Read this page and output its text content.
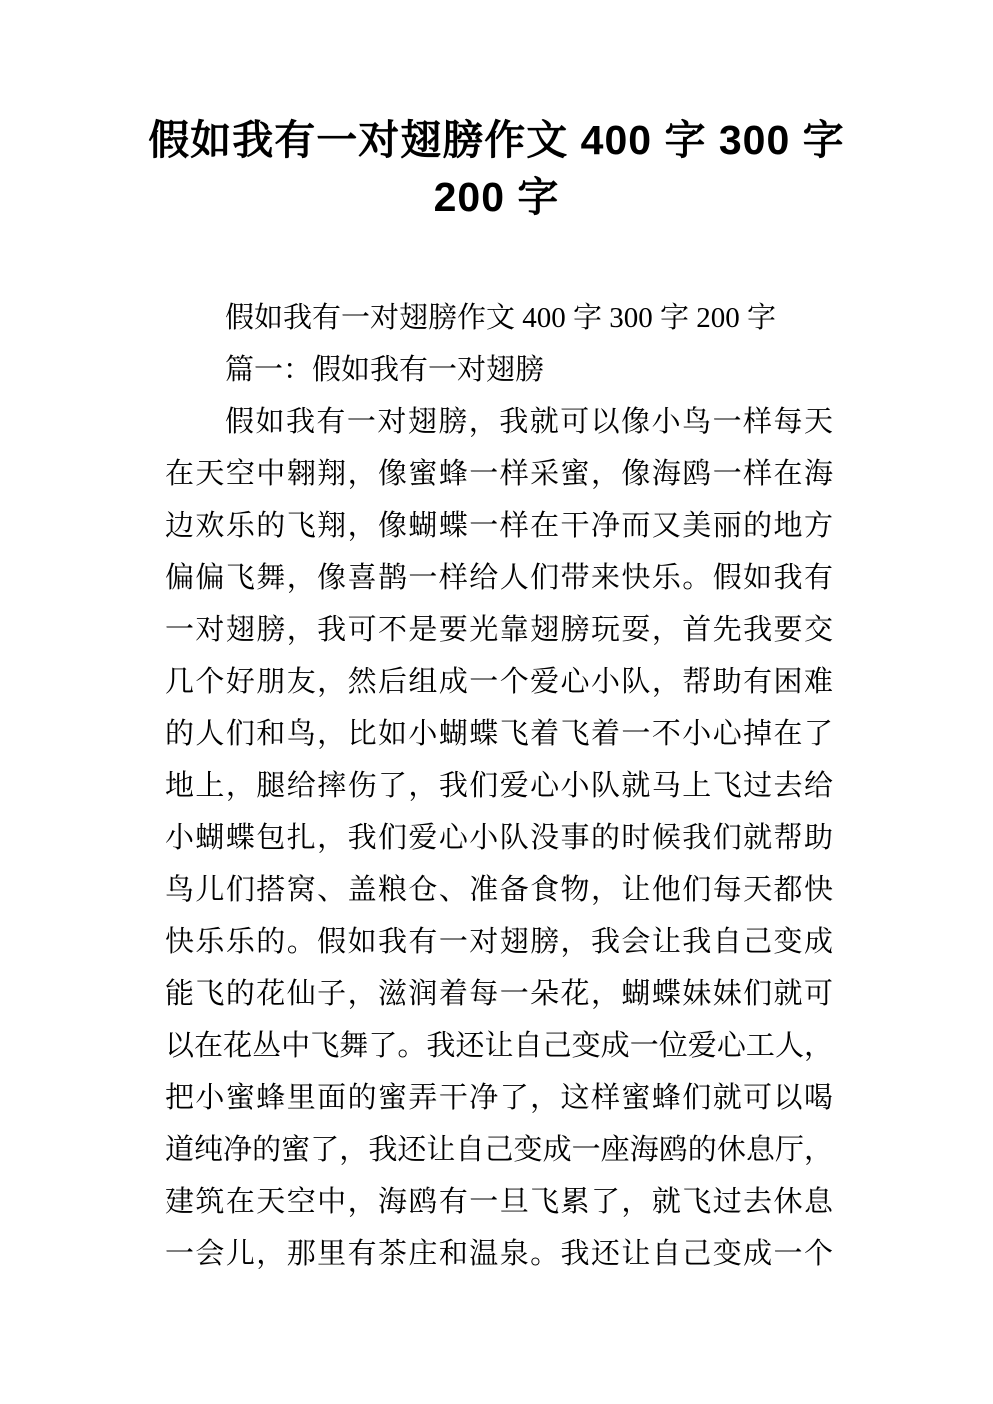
假如我有一对翅膀作文 400 字 300 字
200 字
假如我有一对翅膀作文 400 字 300 字 200 字
篇一：假如我有一对翅膀
假如我有一对翅膀，我就可以像小鸟一样每天
在天空中翱翔，像蜜蜂一样采蜜，像海鸥一样在海
边欢乐的飞翔，像蝴蝶一样在干净而又美丽的地方
偏偏飞舞，像喜鹊一样给人们带来快乐。假如我有
一对翅膀，我可不是要光靠翅膀玩耍，首先我要交
几个好朋友，然后组成一个爱心小队，帮助有困难
的人们和鸟，比如小蝴蝶飞着飞着一不小心掉在了
地上，腿给摔伤了，我们爱心小队就马上飞过去给
小蝴蝶包扎，我们爱心小队没事的时候我们就帮助
鸟儿们搭窝、盖粮仓、准备食物，让他们每天都快
快乐乐的。假如我有一对翅膀，我会让我自己变成
能飞的花仙子，滋润着每一朵花，蝴蝶妹妹们就可
以在花丛中飞舞了。我还让自己变成一位爱心工人，
把小蜜蜂里面的蜜弄干净了，这样蜜蜂们就可以喝
道纯净的蜜了，我还让自己变成一座海鸥的休息厅，
建筑在天空中，海鸥有一旦飞累了，就飞过去休息
一会儿，那里有茶庄和温泉。我还让自己变成一个
